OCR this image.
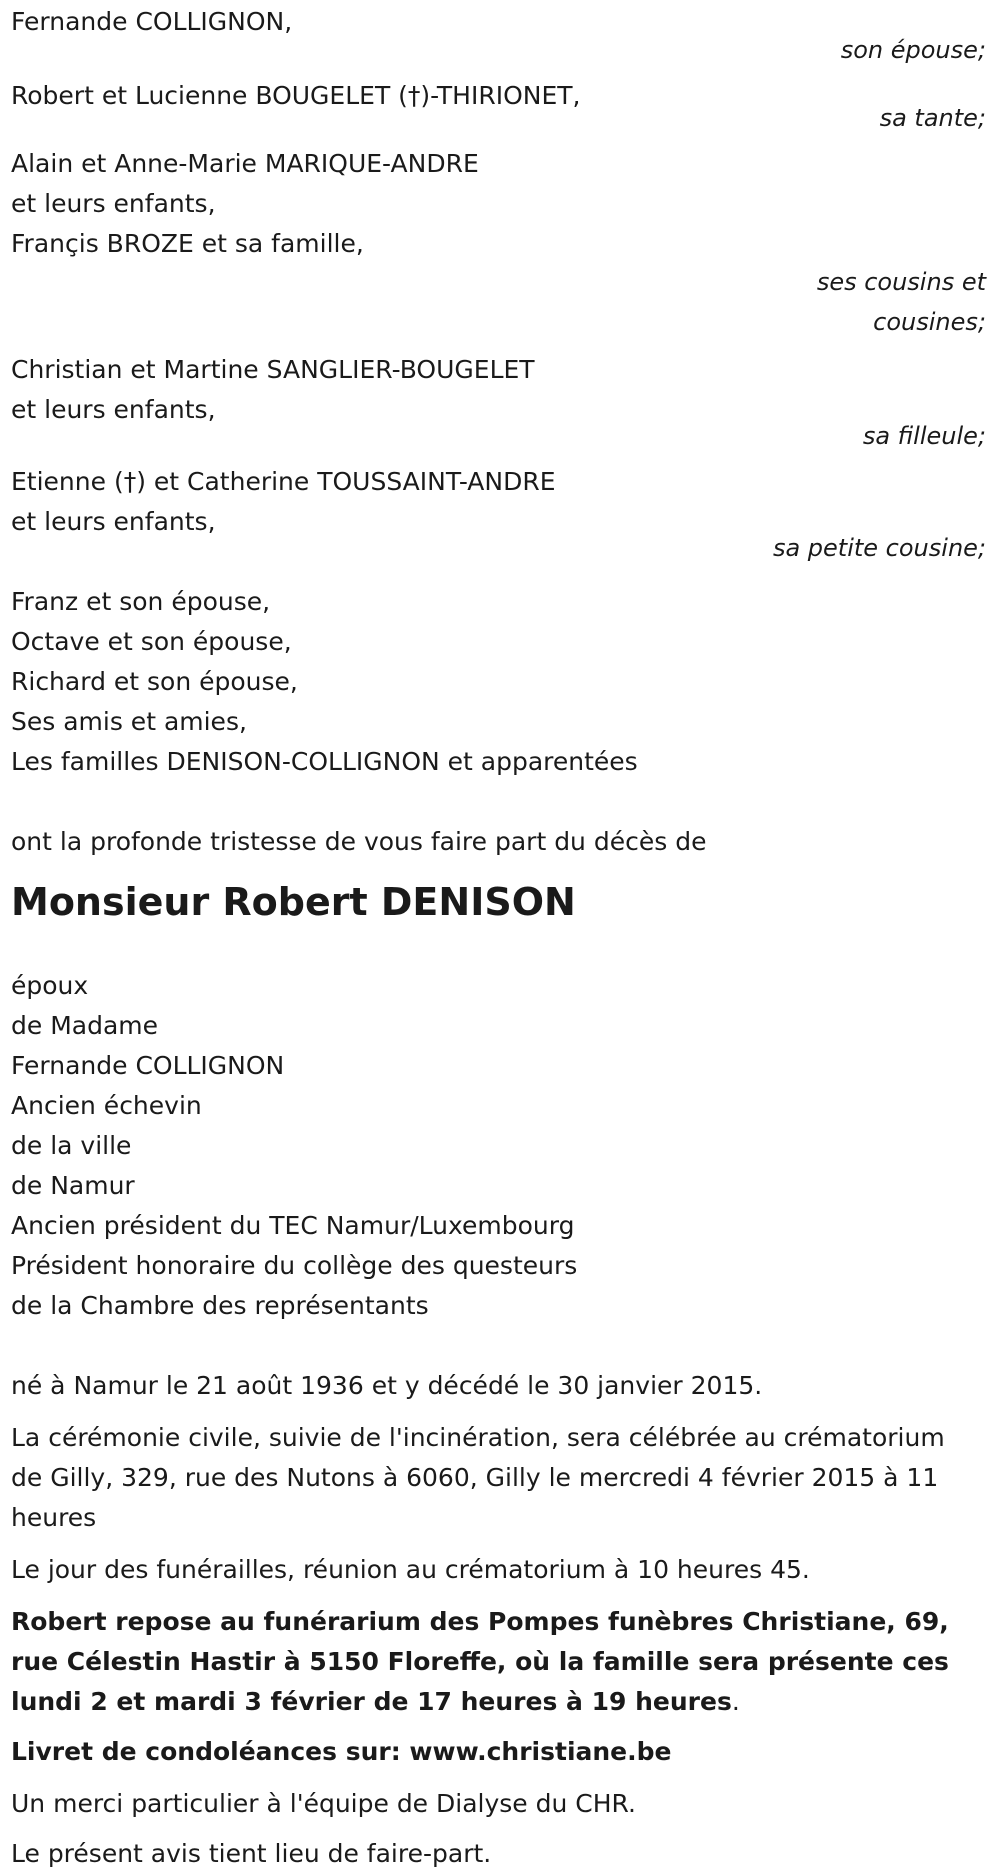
Fernande COLLIGNON,
son épouse;
Robert et Lucienne BOUGELET (†)-THIRIONET,
sa tante;
Alain et Anne-Marie MARIQUE-ANDRE
et leurs enfants,
Françis BROZE et sa famille,
ses cousins et
cousines;
Christian et Martine SANGLIER-BOUGELET
et leurs enfants,
sa filleule;
Etienne (†) et Catherine TOUSSAINT-ANDRE
et leurs enfants,
sa petite cousine;
Franz et son épouse,
Octave et son épouse,
Richard et son épouse,
Ses amis et amies,
Les familles DENISON-COLLIGNON et apparentées
ont la profonde tristesse de vous faire part du décès de
Monsieur Robert DENISON
époux
de Madame
Fernande COLLIGNON
Ancien échevin
de la ville
de Namur
Ancien président du TEC Namur/Luxembourg
Président honoraire du collège des questeurs
de la Chambre des représentants
né à Namur le 21 août 1936 et y décédé le 30 janvier 2015.
La cérémonie civile, suivie de l'incinération, sera célébrée au crématorium de Gilly, 329, rue des Nutons à 6060, Gilly le mercredi 4 février 2015 à 11 heures
Le jour des funérailles, réunion au crématorium à 10 heures 45.
Robert repose au funérarium des Pompes funèbres Christiane, 69, rue Célestin Hastir à 5150 Floreffe, où la famille sera présente ces lundi 2 et mardi 3 février de 17 heures à 19 heures.
Livret de condoléances sur: www.christiane.be
Un merci particulier à l'équipe de Dialyse du CHR.
Le présent avis tient lieu de faire-part.
